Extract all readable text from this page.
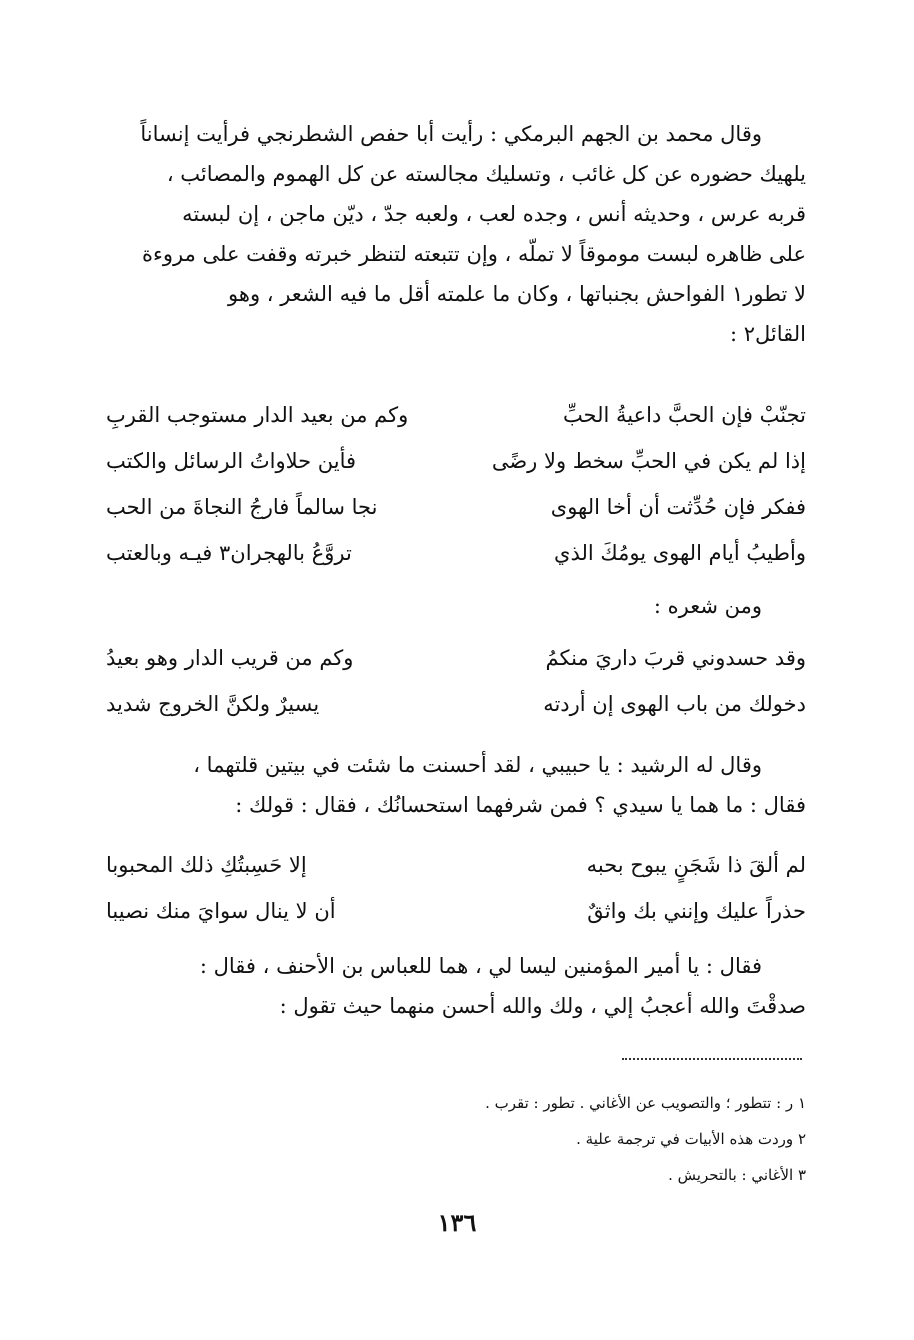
وقال محمد بن الجهم البرمكي : رأيت أبا حفص الشطرنجي فرأيت إنساناً
يلهيك حضوره عن كل غائب ، وتسليك مجالسته عن كل الهموم والمصائب ،
قربه عرس ، وحديثه أنس ، وجده لعب ، ولعبه جدّ ، ديّن ماجن ، إن لبسته
على ظاهره لبست موموقاً لا تملّه ، وإن تتبعته لتنظر خبرته وقفت على مروءة
لا تطور١ الفواحش بجنباتها ، وكان ما علمته أقل ما فيه الشعر ، وهو
القائل٢ :
تجنّبْ فإن الحبَّ داعيةُ الحبِّ
وكم من بعيد الدار مستوجب القربِ
إذا لم يكن في الحبِّ سخط ولا رضًى
فأين حلاواتُ الرسائل والكتب
ففكر فإن حُدِّثت أن أخا الهوى
نجا سالماً فارجُ النجاةَ من الحب
وأطيبُ أيام الهوى يومُكَ الذي
تروَّعُ بالهجران٣ فيـه وبالعتب
ومن شعره :
وقد حسدوني قربَ داريَ منكمُ
وكم من قريب الدار وهو بعيدُ
دخولك من باب الهوى إن أردته
يسيرٌ ولكنَّ الخروج شديد
وقال له الرشيد : يا حبيبي ، لقد أحسنت ما شئت في بيتين قلتهما ،
فقال : ما هما يا سيدي ؟ فمن شرفهما استحسانُك ، فقال : قولك :
لم ألقَ ذا شَجَنٍ يبوح بحبه
إلا حَسِبتُكِ ذلك المحبوبا
حذراً عليك وإنني بك واثقٌ
أن لا ينال سوايَ منك نصيبا
فقال : يا أمير المؤمنين ليسا لي ، هما للعباس بن الأحنف ، فقال :
صدقْتَ والله أعجبُ إلي ، ولك والله أحسن منهما حيث تقول :
١ ر : تتطور ؛ والتصويب عن الأغاني . تطور : تقرب .
٢ وردت هذه الأبيات في ترجمة علية .
٣ الأغاني : بالتحريش .
١٣٦
